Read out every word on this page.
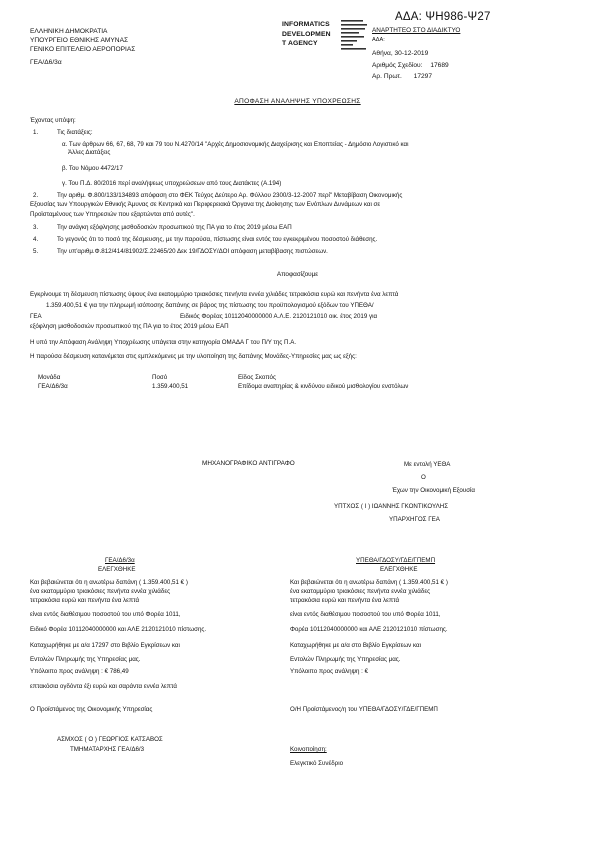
ΑΔΑ: ΨΗ986-Ψ27
ΕΛΛΗΝΙΚΗ ΔΗΜΟΚΡΑΤΙΑ
ΥΠΟΥΡΓΕΙΟ ΕΘΝΙΚΗΣ ΑΜΥΝΑΣ
ΓΕΝΙΚΟ ΕΠΙΤΕΛΕΙΟ ΑΕΡΟΠΟΡΙΑΣ
ΓΕΑ/Δ6/3α
INFORMATICS
DEVELOPMEN
T AGENCY
ΑΝΑΡΤΗΤΕΟ ΣΤΟ ΔΙΑΔΙΚΤΥΟ
ΑΔΑ:
Αθήνα, 30-12-2019
Αριθμός Σχεδίου: 17689
Αρ. Πρωτ. 17297
ΑΠΟΦΑΣΗ ΑΝΑΛΗΨΗΣ ΥΠΟΧΡΕΩΣΗΣ
Έχοντας υπόψη:
1.	Τις διατάξεις:
α. Των άρθρων 66, 67, 68, 79 και 79 του Ν.4270/14 "Αρχές Δημοσιονομικής Διαχείρισης και Εποπτείας - Δημόσιο Λογιστικό και
Άλλες Διατάξεις
β. Του Νόμου 4472/17
γ. Του Π.Δ. 80/2016 περί αναλήψεως υποχρεώσεων από τους Διατάκτες (Α.194)
2.	Την αριθμ. Φ.800/133/134893 απόφαση στο ΦΕΚ Τεύχος Δεύτερο Αρ. Φύλλου 2300/3-12-2007 περί" Μεταβίβαση Οικονομικής
Εξουσίας των Υπουργικών Εθνικής Άμυνας σε Κεντρικά και Περιφερειακά Όργανα της Διοίκησης των Ενόπλων Δυνάμεων και σε
Προϊσταμένους των Υπηρεσιών που εξαρτώνται από αυτές".
3.	Την ανάγκη εξόφλησης μισθοδοσιών προσωπικού της ΠΑ για το έτος 2019 μέσω ΕΑΠ
4.	Το γεγονός ότι το ποσό της δέσμευσης, με την παρούσα, πίστωσης είναι εντός του εγκεκριμένου ποσοστού διάθεσης.
5.	Την υπ'αριθμ.Φ.812/414/81902/Σ.22465/20 Δεκ 19/ΓΔΟΣΥ/ΔΟΙ απόφαση μεταβίβασης πιστώσεων.
Αποφασίζουμε
Εγκρίνουμε τη δέσμευση πίστωσης ύψους ένα εκατομμύριο τριακόσιες πενήντα εννέα χιλιάδες τετρακόσια ευρώ και πενήντα ένα λεπτά
1.359.400,51 € για την πληρωμή ισόποσης δαπάνης σε βάρος της πίστωσης του προϋπολογισμού εξόδων του ΥΠΕΘΑ/
ΓΕΑ	Ειδικός Φορέας 10112040000000 Α.Λ.Ε. 2120121010 οικ. έτος 2019 για
εξόφληση μισθοδοσιών προσωπικού της ΠΑ για το έτος 2019 μέσω ΕΑΠ
Η υπό την Απόφαση Ανάληψη Υποχρέωσης υπάγεται στην κατηγορία ΟΜΑΔΑ Γ του Π/Υ της Π.Α.
Η παρούσα δέσμευση κατανέμεται στις εμπλεκόμενες με την υλοποίηση της δαπάνης Μονάδες-Υπηρεσίες μας ως εξής:
Μονάδα	Ποσό	Είδος Σκοπός
ΓΕΑ/Δ6/3α	1.359.400,51	Επίδομα αναπηρίας & κινδύνου ειδικού μισθολογίου ενστόλων
ΜΗΧΑΝΟΓΡΑΦΙΚΟ ΑΝΤΙΓΡΑΦΟ	Με εντολή ΥΕΘΑ
Ο
Έχων την Οικονομική Εξουσία
ΥΠΤΧΟΣ ( Ι ) ΙΩΑΝΝΗΣ ΓΚΟΝΤΙΚΟΥΛΗΣ
ΥΠΑΡΧΗΓΟΣ ΓΕΑ
ΓΕΑ/Δ6/3α
ΕΛΕΓΧΘΗΚΕ
Και βεβαιώνεται ότι η ανωτέρω δαπάνη ( 1.359.400,51 € )
ένα εκατομμύριο τριακόσιες πενήντα εννέα χιλιάδες
τετρακόσια ευρώ και πενήντα ένα λεπτά
είναι εντός διαθέσιμου ποσοστού του υπό Φορέα 1011,
Ειδικό Φορέα 10112040000000 και ΑΛΕ 2120121010 πίστωσης.
Καταχωρήθηκε με α/α 17297 στο Βιβλίο Εγκρίσεων και
Εντολών Πληρωμής της Υπηρεσίας μας.
Υπόλοιπο προς ανάληψη : € 786,49
επτακόσια ογδόντα έξι ευρώ και σαράντα εννέα λεπτά
Ο Προϊστάμενος της Οικονομικής Υπηρεσίας
ΑΣΜΧΟΣ ( Ο ) ΓΕΩΡΓΙΟΣ ΚΑΤΣΑΒΟΣ
ΤΜΗΜΑΤΑΡΧΗΣ ΓΕΑ/Δ6/3
ΥΠΕΘΑ/ΓΔΟΣΥ/ΓΔΕ/ΓΠΕΜΠ
ΕΛΕΓΧΘΗΚΕ
Και βεβαιώνεται ότι η ανωτέρω δαπάνη ( 1.359.400,51 € )
ένα εκατομμύριο τριακόσιες πενήντα εννέα χιλιάδες
τετρακόσια ευρώ και πενήντα ένα λεπτά
είναι εντός διαθέσιμου ποσοστού του υπό Φορέα 1011,
Φορέα 10112040000000 και ΑΛΕ 2120121010 πίστωσης.
Καταχωρήθηκε με α/α στο Βιβλίο Εγκρίσεων και
Εντολών Πληρωμής της Υπηρεσίας μας.
Υπόλοιπο προς ανάληψη : €
Ο/Η Προϊστάμενος/η του ΥΠΕΘΑ/ΓΔΟΣΥ/ΓΔΕ/ΓΠΕΜΠ
Κοινοποίηση:
Ελεγκτικό Συνέδριο
